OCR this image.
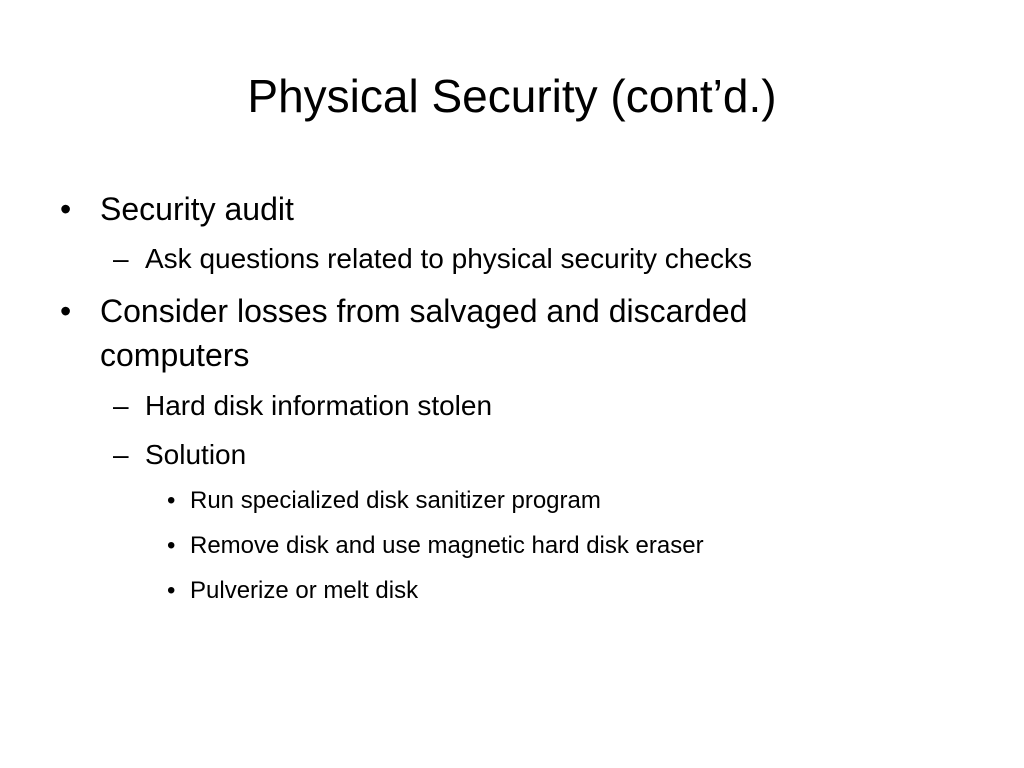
Physical Security (cont’d.)
• Security audit
– Ask questions related to physical security checks
• Consider losses from salvaged and discarded
computers
– Hard disk information stolen
– Solution
• Run specialized disk sanitizer program
• Remove disk and use magnetic hard disk eraser
• Pulverize or melt disk
